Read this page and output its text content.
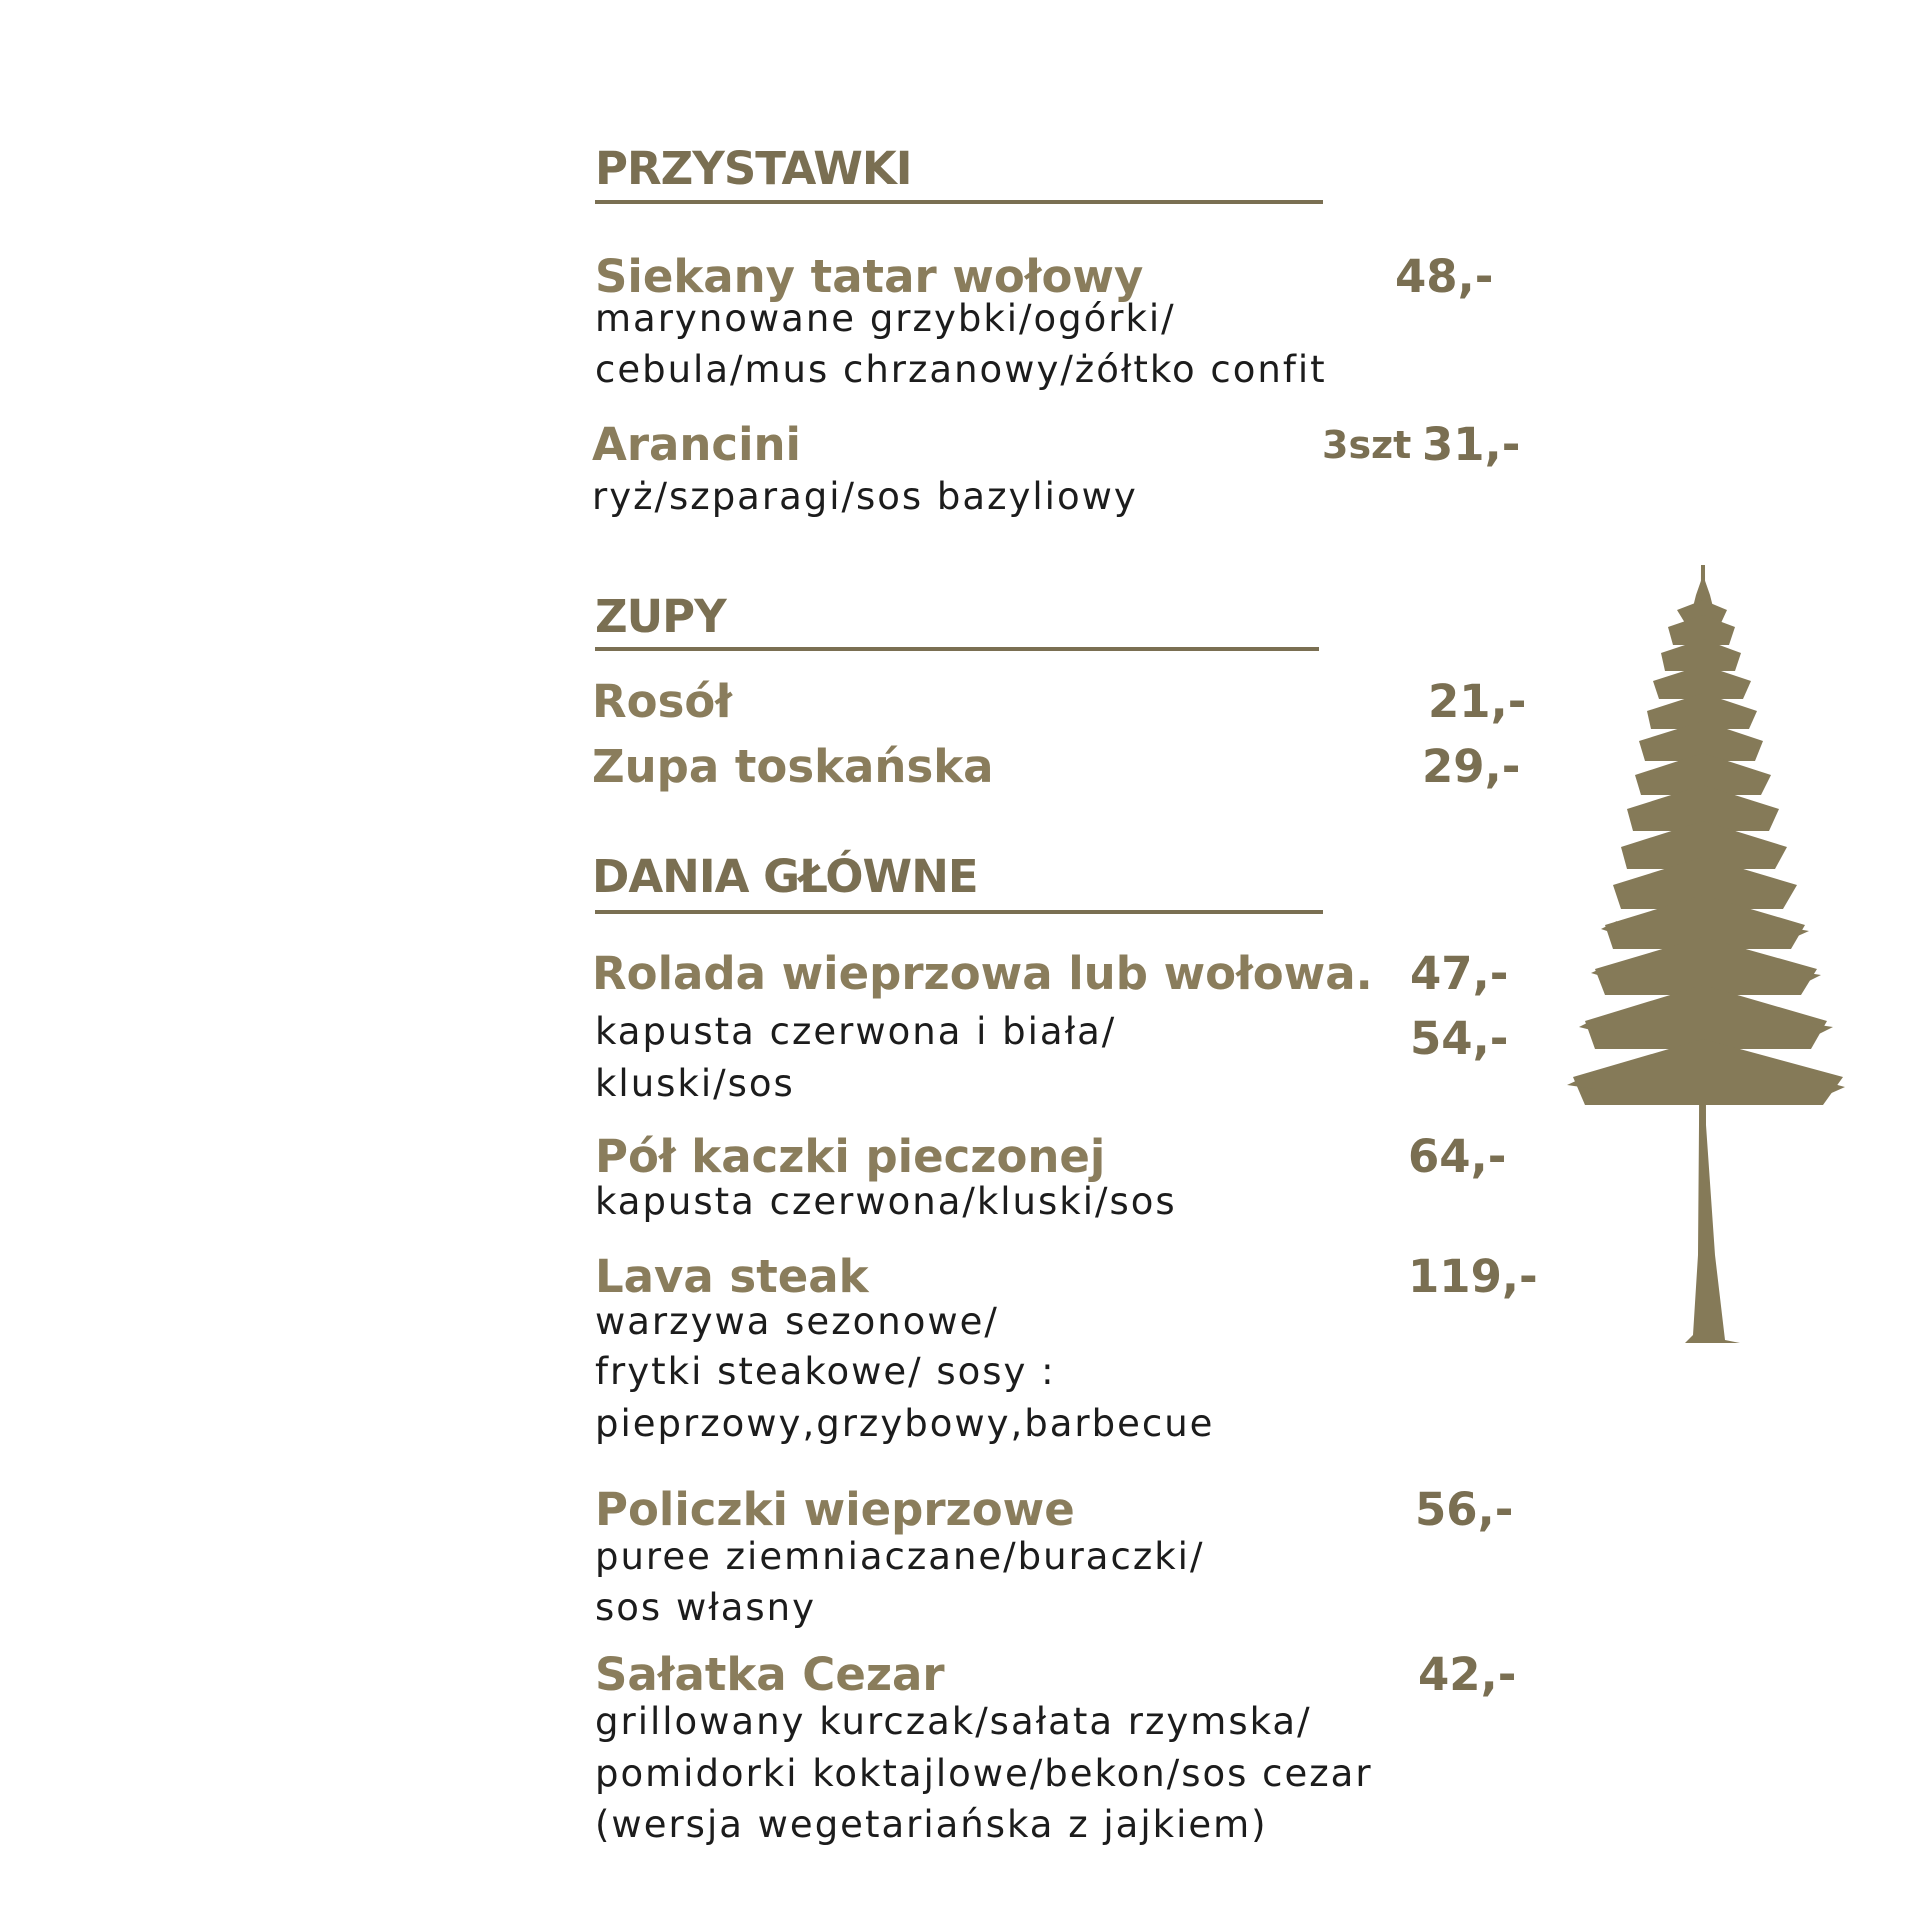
PRZYSTAWKI
Siekany tatar wołowy	48,-
marynowane grzybki/ogórki/
cebula/mus chrzanowy/żółtko confit
Arancini	3szt 31,-
ryż/szparagi/sos bazyliowy
ZUPY
Rosół	21,-
Zupa toskańska	29,-
DANIA GŁÓWNE
Rolada wieprzowa lub wołowa. 47,-
kapusta czerwona i biała/	54,-
kluski/sos
Pół kaczki pieczonej	64,-
kapusta czerwona/kluski/sos
Lava steak	119,-
warzywa sezonowe/
frytki steakowe/ sosy :
pieprzowy,grzybowy,barbecue
Policzki wieprzowe	56,-
puree ziemniaczane/buraczki/
sos własny
Sałatka Cezar	42,-
grillowany kurczak/sałata rzymska/
pomidorki koktajlowe/bekon/sos cezar
(wersja wegetariańska z jajkiem)
